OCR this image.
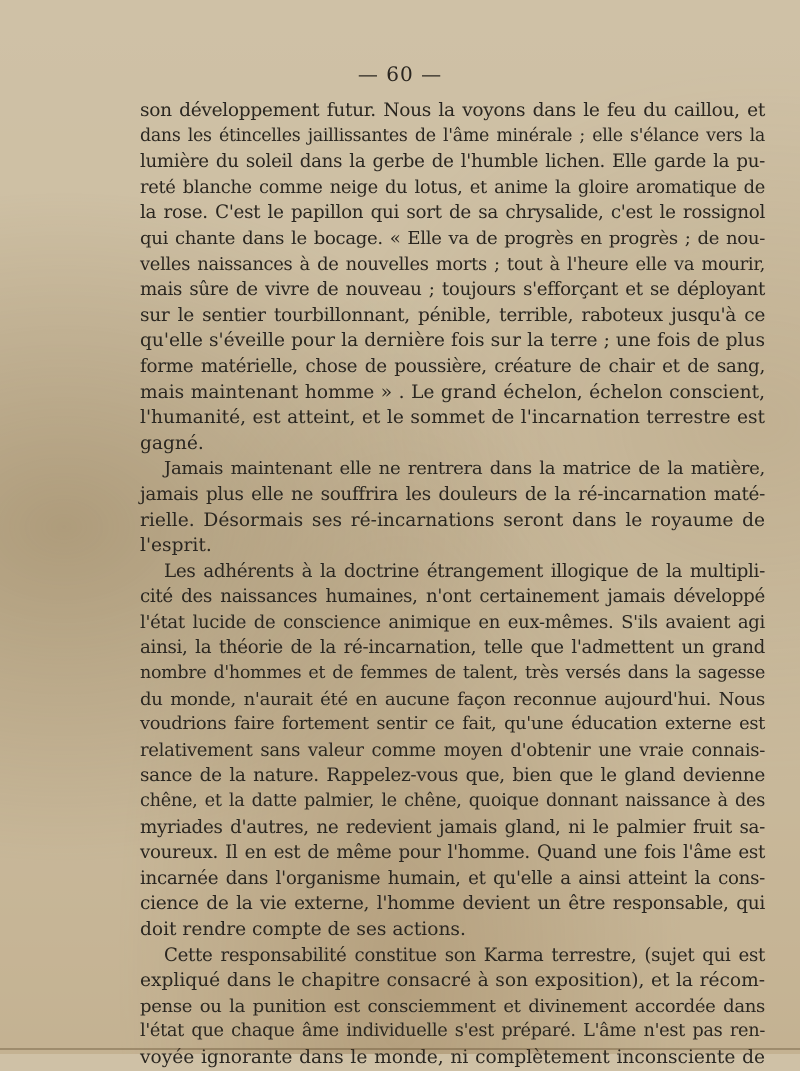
— 60 —
son développement futur. Nous la voyons dans le feu du caillou, et
dans les étincelles jaillissantes de l'âme minérale ; elle s'élance vers la
lumière du soleil dans la gerbe de l'humble lichen. Elle garde la pu-
reté blanche comme neige du lotus, et anime la gloire aromatique de
la rose. C'est le papillon qui sort de sa chrysalide, c'est le rossignol
qui chante dans le bocage. « Elle va de progrès en progrès ; de nou-
velles naissances à de nouvelles morts ; tout à l'heure elle va mourir,
mais sûre de vivre de nouveau ; toujours s'efforçant et se déployant
sur le sentier tourbillonnant, pénible, terrible, raboteux jusqu'à ce
qu'elle s'éveille pour la dernière fois sur la terre ; une fois de plus
forme matérielle, chose de poussière, créature de chair et de sang,
mais maintenant homme » . Le grand échelon, échelon conscient,
l'humanité, est atteint, et le sommet de l'incarnation terrestre est
gagné.
Jamais maintenant elle ne rentrera dans la matrice de la matière,
jamais plus elle ne souffrira les douleurs de la ré-incarnation maté-
rielle. Désormais ses ré-incarnations seront dans le royaume de
l'esprit.
Les adhérents à la doctrine étrangement illogique de la multipli-
cité des naissances humaines, n'ont certainement jamais développé
l'état lucide de conscience animique en eux-mêmes. S'ils avaient agi
ainsi, la théorie de la ré-incarnation, telle que l'admettent un grand
nombre d'hommes et de femmes de talent, très versés dans la sagesse
du monde, n'aurait été en aucune façon reconnue aujourd'hui. Nous
voudrions faire fortement sentir ce fait, qu'une éducation externe est
relativement sans valeur comme moyen d'obtenir une vraie connais-
sance de la nature. Rappelez-vous que, bien que le gland devienne
chêne, et la datte palmier, le chêne, quoique donnant naissance à des
myriades d'autres, ne redevient jamais gland, ni le palmier fruit sa-
voureux. Il en est de même pour l'homme. Quand une fois l'âme est
incarnée dans l'organisme humain, et qu'elle a ainsi atteint la cons-
cience de la vie externe, l'homme devient un être responsable, qui
doit rendre compte de ses actions.
Cette responsabilité constitue son Karma terrestre, (sujet qui est
expliqué dans le chapitre consacré à son exposition), et la récom-
pense ou la punition est consciemment et divinement accordée dans
l'état que chaque âme individuelle s'est préparé. L'âme n'est pas ren-
voyée ignorante dans le monde, ni complètement inconsciente de
